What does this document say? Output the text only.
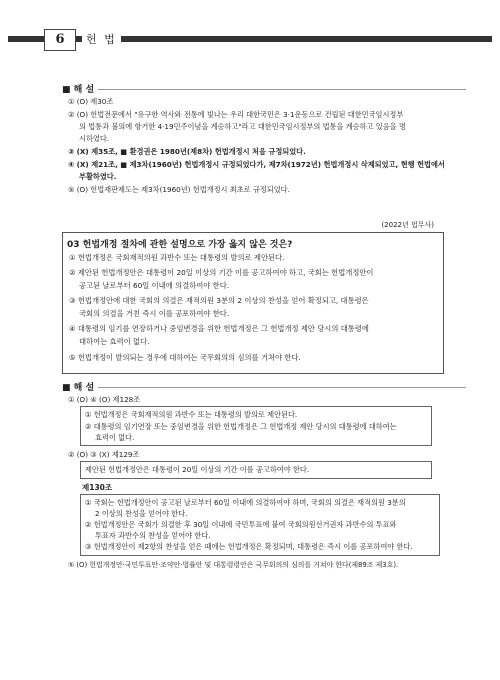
6	헌 법
■ 해 설
① (O) 제30조
② (O) 헌법전문에서 "유구한 역사와 전통에 빛나는 우리 대한국민은 3·1운동으로 건립된 대한민국임시정부
의 법통과 불의에 항거한 4·19민주이념을 계승하고"라고 대한민국임시정부의 법통을 계승하고 있음을 명
시하였다.
③ (X) 제35조, ■ 환경권은 1980년(제8차) 헌법개정시 처음 규정되었다.
④ (X) 제21조, ■ 제3차(1960년) 헌법개정시 규정되었다가, 제7차(1972년) 헌법개정시 삭제되었고, 현행 헌법에서
부활하였다.
⑤ (O) 헌법재판제도는 제3차(1960년) 헌법개정시 최초로 규정되었다.
(2022년 법무사)
03 헌법개정 절차에 관한 설명으로 가장 옳지 않은 것은?
① 헌법개정은 국회재적의원 과반수 또는 대통령의 발의로 제안된다.
② 제안된 헌법개정안은 대통령이 20일 이상의 기간 이를 공고하여야 하고, 국회는 헌법개정안이
공고된 날로부터 60일 이내에 의결하여야 한다.
③ 헌법개정안에 대한 국회의 의결은 재적의원 3분의 2 이상의 찬성을 얻어 확정되고, 대통령은
국회의 의결을 거친 즉시 이를 공포하여야 한다.
④ 대통령의 임기를 연장하거나 중임변경을 위한 헌법개정은 그 헌법개정 제안 당시의 대통령에
대하여는 효력이 없다.
⑤ 헌법개정이 발의되는 경우에 대하여는 국무회의의 심의를 거쳐야 한다.
■ 해 설
① (O) ④ (O) 제128조
① 헌법개정은 국회재적의원 과반수 또는 대통령의 발의로 제안된다.
② 대통령의 임기연장 또는 중임변경을 위한 헌법개정은 그 헌법개정 제안 당시의 대통령에 대하여는
효력이 없다.
② (O) ③ (X) 제129조
제안된 헌법개정안은 대통령이 20일 이상의 기간 이를 공고하여야 한다.
제130조
① 국회는 헌법개정안이 공고된 날로부터 60일 이내에 의결하여야 하며, 국회의 의결은 재적의원 3분의
2 이상의 찬성을 얻어야 한다.
② 헌법개정안은 국회가 의결한 후 30일 이내에 국민투표에 붙여 국회의원선거권자 과반수의 투표와
투표자 과반수의 찬성을 얻어야 한다.
③ 헌법개정안이 제2항의 찬성을 얻은 때에는 헌법개정은 확정되며, 대통령은 즉시 이를 공포하여야 한다.
⑤ (O) 헌법개정안·국민투표안·조약안·법률안 및 대통령령안은 국무회의의 심의를 거쳐야 한다(제89조 제3호).
